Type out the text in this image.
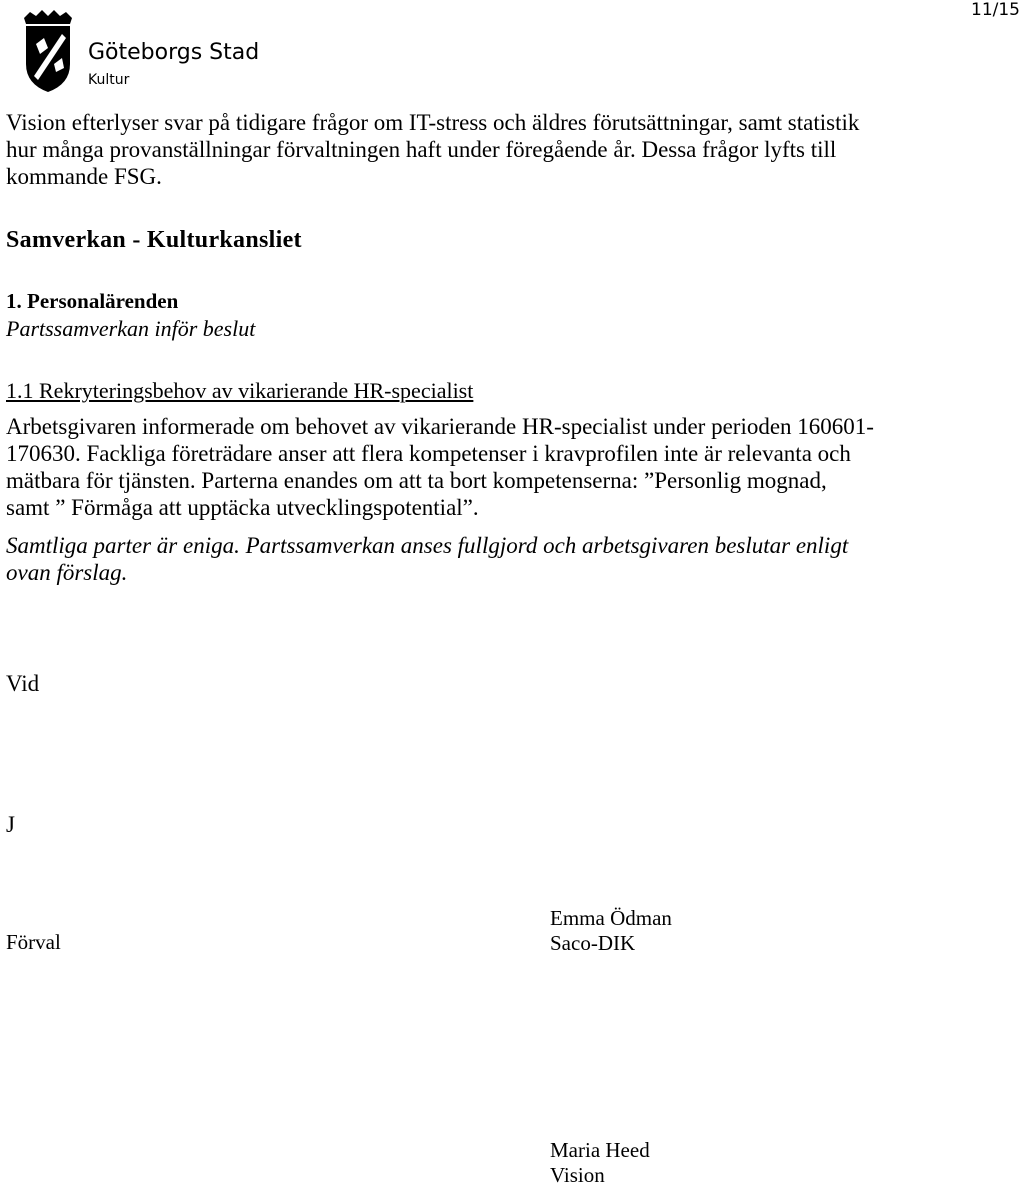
11/15
Göteborgs Stad
Kultur
Vision efterlyser svar på tidigare frågor om IT-stress och äldres förutsättningar, samt statistik
hur många provanställningar förvaltningen haft under föregående år. Dessa frågor lyfts till
kommande FSG.
Samverkan - Kulturkansliet
1. Personalärenden
Partssamverkan inför beslut
1.1 Rekryteringsbehov av vikarierande HR-specialist
Arbetsgivaren informerade om behovet av vikarierande HR-specialist under perioden 160601-
170630. Fackliga företrädare anser att flera kompetenser i kravprofilen inte är relevanta och
mätbara för tjänsten. Parterna enandes om att ta bort kompetenserna: ”Personlig mognad,
samt ” Förmåga att upptäcka utvecklingspotential”.
Samtliga parter är eniga. Partssamverkan anses fullgjord och arbetsgivaren beslutar enligt
ovan förslag.
Vid
J
Förval
Emma Ödman
Saco-DIK
Maria Heed
Vision
